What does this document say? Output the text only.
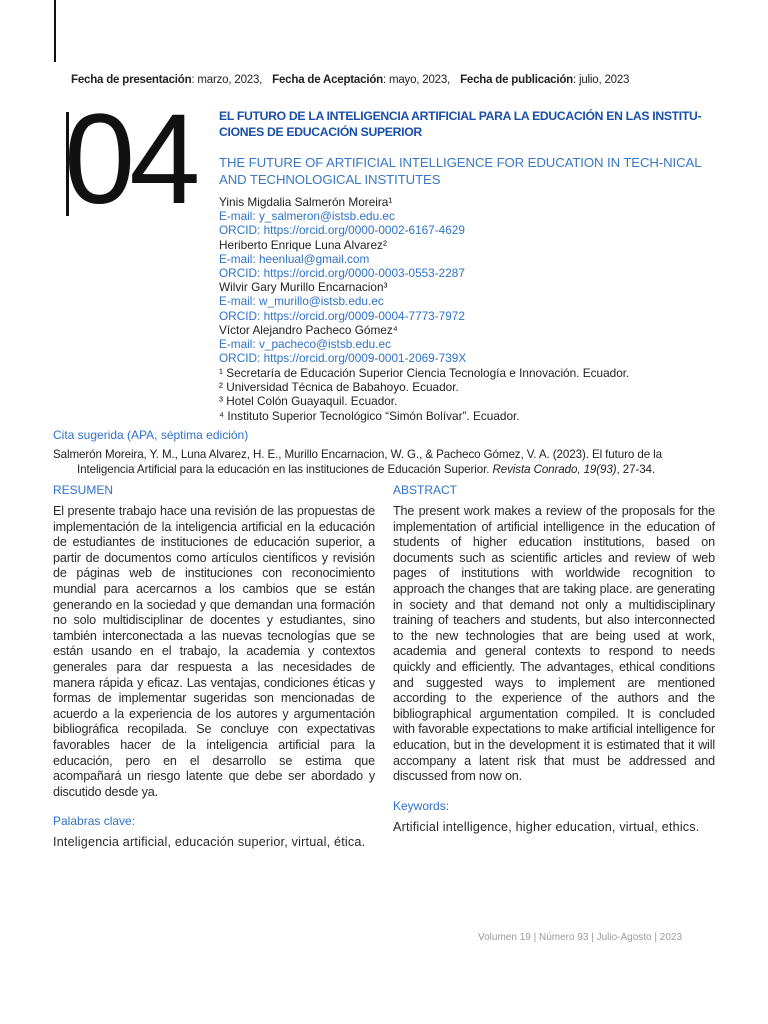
Fecha de presentación: marzo, 2023, Fecha de Aceptación: mayo, 2023, Fecha de publicación: julio, 2023
04 EL FUTURO DE LA INTELIGENCIA ARTIFICIAL PARA LA EDUCACIÓN EN LAS INSTITU-CIONES DE EDUCACIÓN SUPERIOR
THE FUTURE OF ARTIFICIAL INTELLIGENCE FOR EDUCATION IN TECH-NICAL AND TECHNOLOGICAL INSTITUTES
Yinis Migdalia Salmerón Moreira¹
E-mail: y_salmeron@istsb.edu.ec
ORCID: https://orcid.org/0000-0002-6167-4629
Heriberto Enrique Luna Alvarez²
E-mail: heenlual@gmail.com
ORCID: https://orcid.org/0000-0003-0553-2287
Wilvir Gary Murillo Encarnacion³
E-mail: w_murillo@istsb.edu.ec
ORCID: https://orcid.org/0009-0004-7773-7972
Víctor Alejandro Pacheco Gómez⁴
E-mail: v_pacheco@istsb.edu.ec
ORCID: https://orcid.org/0009-0001-2069-739X
¹ Secretaría de Educación Superior Ciencia Tecnología e Innovación. Ecuador.
² Universidad Técnica de Babahoyo. Ecuador.
³ Hotel Colón Guayaquil. Ecuador.
⁴ Instituto Superior Tecnológico “Simón Bolívar”. Ecuador.
Cita sugerida (APA, séptima edición)
Salmerón Moreira, Y. M., Luna Alvarez, H. E., Murillo Encarnacion, W. G., & Pacheco Gómez, V. A. (2023). El futuro de la
Inteligencia Artificial para la educación en las instituciones de Educación Superior. Revista Conrado, 19(93), 27-34.
RESUMEN
El presente trabajo hace una revisión de las propuestas de implementación de la inteligencia artificial en la educación de estudiantes de instituciones de educación superior, a partir de documentos como artículos científicos y revisión de páginas web de instituciones con reconocimiento mundial para acercarnos a los cambios que se están generando en la sociedad y que demandan una formación no solo multidisciplinar de docentes y estudiantes, sino también interconectada a las nuevas tecnologías que se están usando en el trabajo, la academia y contextos generales para dar respuesta a las necesidades de manera rápida y eficaz. Las ventajas, condiciones éticas y formas de implementar sugeridas son mencionadas de acuerdo a la experiencia de los autores y argumentación bibliográfica recopilada. Se concluye con expectativas favorables hacer de la inteligencia artificial para la educación, pero en el desarrollo se estima que acompañará un riesgo latente que debe ser abordado y discutido desde ya.
Palabras clave:
Inteligencia artificial, educación superior, virtual, ética.
ABSTRACT
The present work makes a review of the proposals for the implementation of artificial intelligence in the education of students of higher education institutions, based on documents such as scientific articles and review of web pages of institutions with worldwide recognition to approach the changes that are taking place. are generating in society and that demand not only a multidisciplinary training of teachers and students, but also interconnected to the new technologies that are being used at work, academia and general contexts to respond to needs quickly and efficiently. The advantages, ethical conditions and suggested ways to implement are mentioned according to the experience of the authors and the bibliographical argumentation compiled. It is concluded with favorable expectations to make artificial intelligence for education, but in the development it is estimated that it will accompany a latent risk that must be addressed and discussed from now on.
Keywords:
Artificial intelligence, higher education, virtual, ethics.
Volumen 19 | Número 93 | Julio-Agosto | 2023
